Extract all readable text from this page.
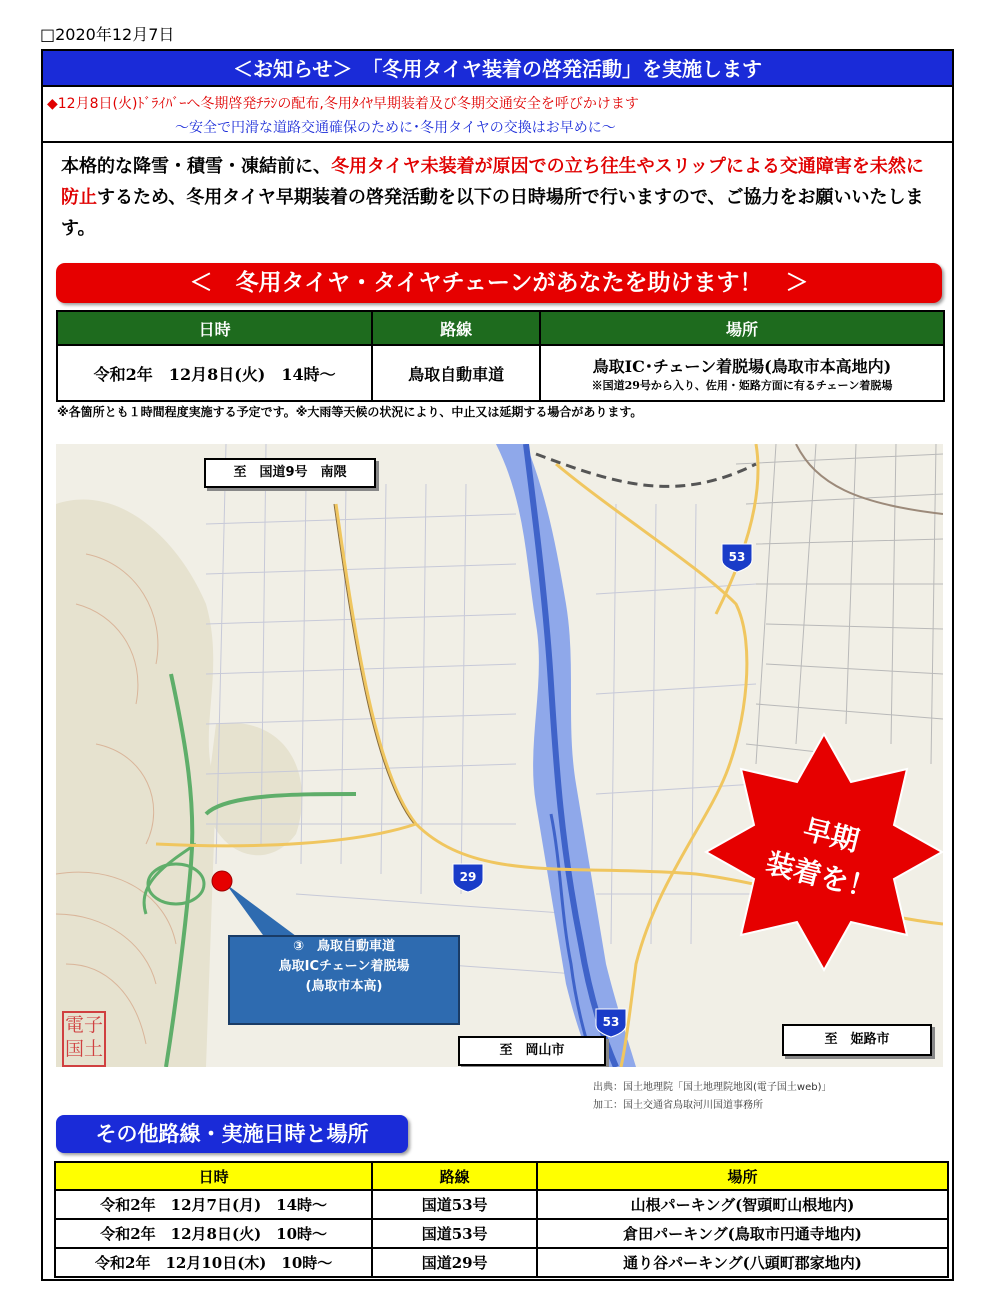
□2020年12月7日
＜お知らせ＞　「冬用タイヤ装着の啓発活動」を実施します
◆12月8日(火)ﾄﾞﾗｲﾊﾞｰへ冬期啓発ﾁﾗｼの配布,冬用ﾀｲﾔ早期装着及び冬期交通安全を呼びかけます
～安全で円滑な道路交通確保のために･冬用タイヤの交換はお早めに～
本格的な降雪・積雪・凍結前に、冬用タイヤ未装着が原因での立ち往生やスリップによる交通障害を未然に防止するため、冬用タイヤ早期装着の啓発活動を以下の日時場所で行いますので、ご協力をお願いいたします。
＜　冬用タイヤ・タイヤチェーンがあなたを助けます！　＞
日時	路線	場所
令和2年　12月8日(火)　14時～	鳥取自動車道	鳥取IC･チェーン着脱場(鳥取市本高地内)
※国道29号から入り、佐用・姫路方面に有るチェーン着脱場
※各箇所とも１時間程度実施する予定です。※大雨等天候の状況により、中止又は延期する場合があります。
29
53
53
至　国道9号　南隈
至　岡山市
至　姫路市
③　鳥取自動車道
鳥取ICチェーン着脱場
(鳥取市本高)
電子
国土
早期
装着を！
出典：国土地理院「国土地理院地図(電子国土web)」
加工：国土交通省鳥取河川国道事務所
その他路線・実施日時と場所
日時	路線	場所
令和2年　12月7日(月)　14時～	国道53号	山根パーキング(智頭町山根地内)
令和2年　12月8日(火)　10時～	国道53号	倉田パーキング(鳥取市円通寺地内)
令和2年　12月10日(木)　10時～	国道29号	通り谷パーキング(八頭町郡家地内)
